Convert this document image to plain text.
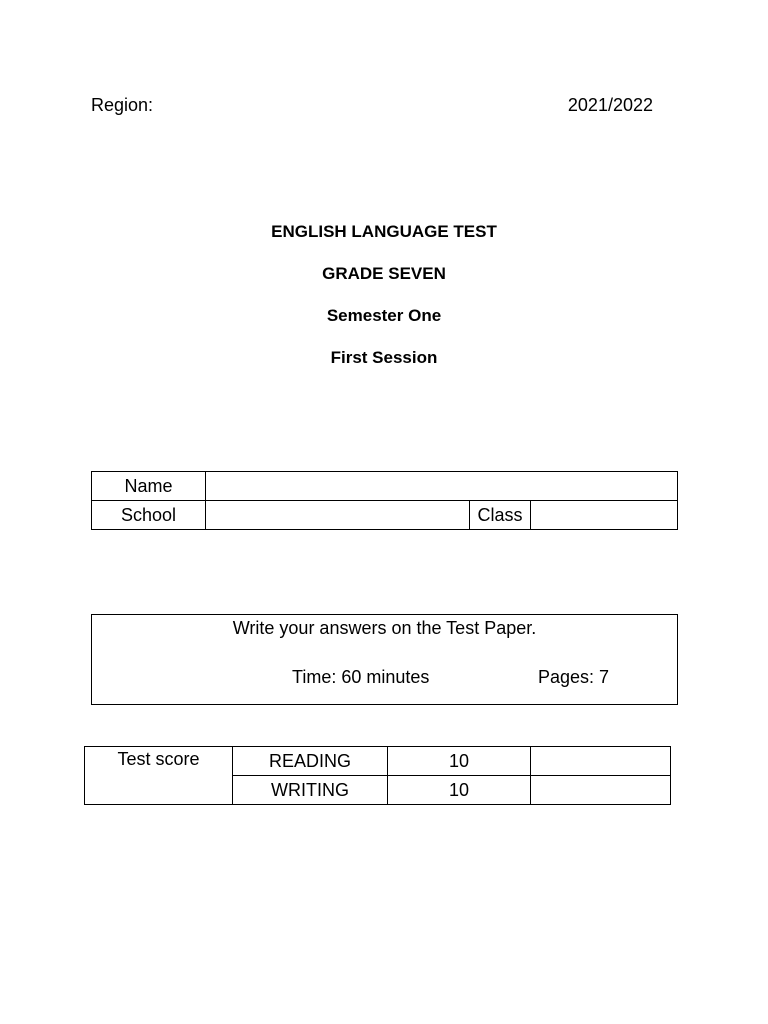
Region:	2021/2022
ENGLISH LANGUAGE TEST
GRADE SEVEN
Semester One
First Session
Name			
School		Class	
Write your answers on the Test Paper.
Time: 60 minutes	Pages: 7
Test score	READING	10	
	WRITING	10	
